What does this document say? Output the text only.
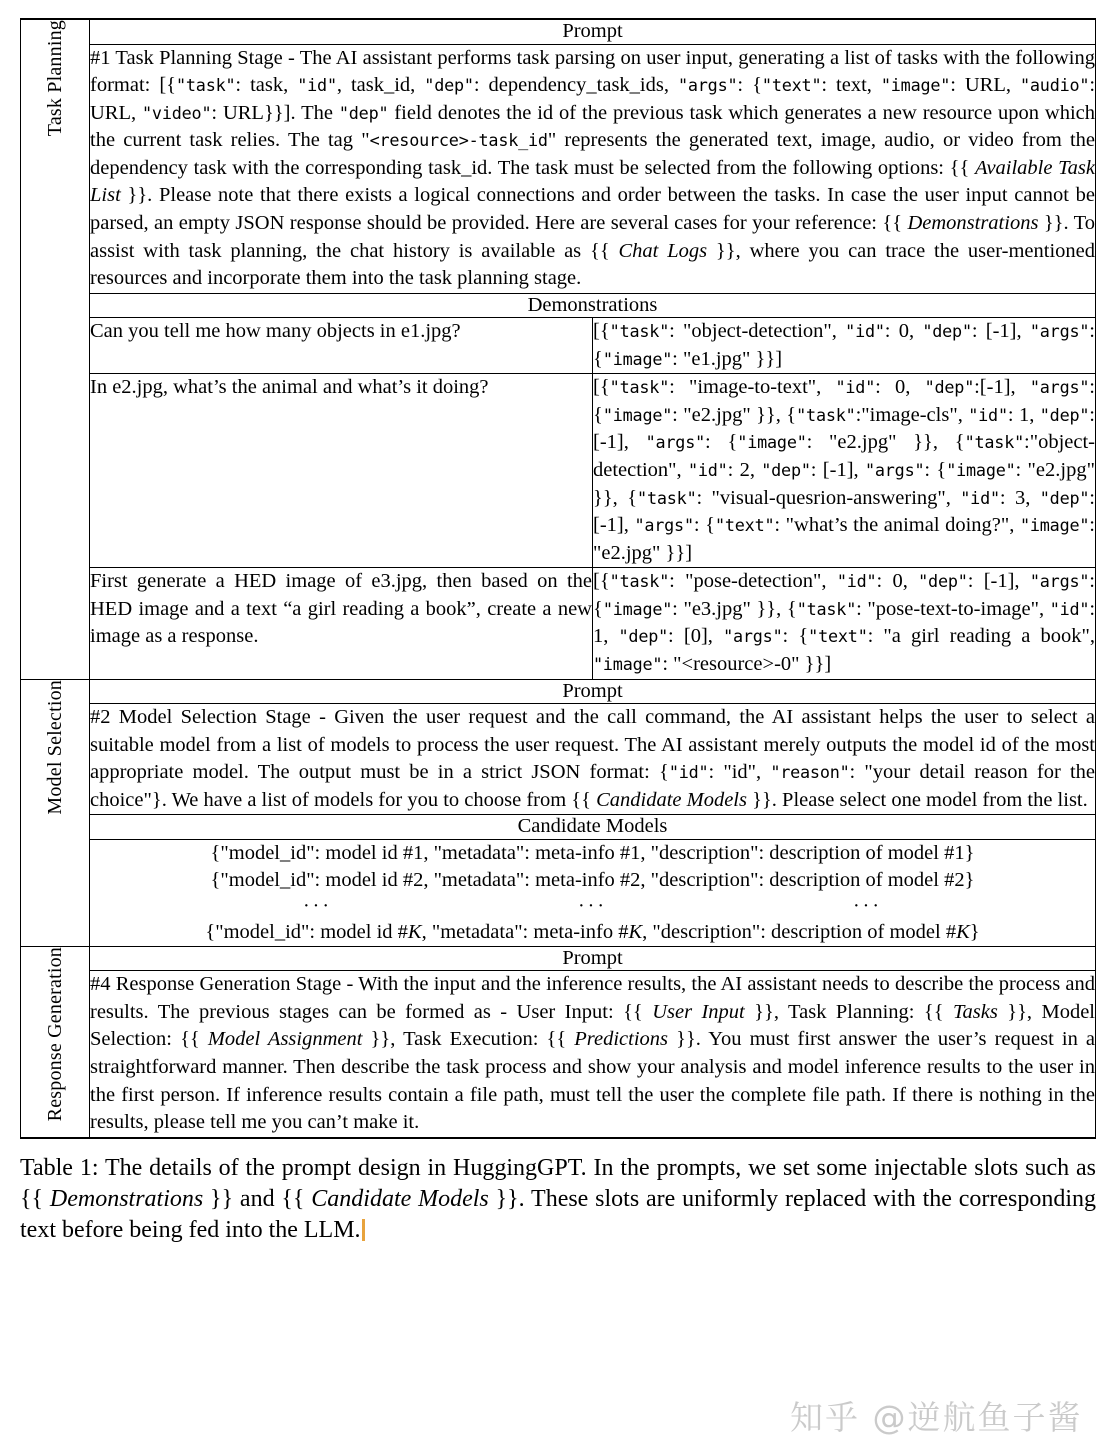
Task Planning	Prompt	
	#1 Task Planning Stage - The AI assistant performs task parsing on user input, generating a list of tasks with the following format: [{"task": task, "id", task_id, "dep": dependency_task_ids, "args": {"text": text, "image": URL, "audio": URL, "video": URL}}]. The "dep" field denotes the id of the previous task which generates a new resource upon which the current task relies. The tag "<resource>-task_id" represents the generated text, image, audio, or video from the dependency task with the corresponding task_id. The task must be selected from the following options: {{ Available Task List }}. Please note that there exists a logical connections and order between the tasks. In case the user input cannot be parsed, an empty JSON response should be provided. Here are several cases for your reference: {{ Demonstrations }}. To assist with task planning, the chat history is available as {{ Chat Logs }}, where you can trace the user-mentioned resources and incorporate them into the task planning stage.	
	Demonstrations	
	Can you tell me how many objects in e1.jpg?	[{"task": "object-detection", "id": 0, "dep": [-1], "args": {"image": "e1.jpg" }}]
	In e2.jpg, what’s the animal and what’s it doing?	[{"task": "image-to-text", "id": 0, "dep":[-1], "args": {"image": "e2.jpg" }}, {"task":"image-cls", "id": 1, "dep": [-1], "args": {"image": "e2.jpg" }}, {"task":"object-detection", "id": 2, "dep": [-1], "args": {"image": "e2.jpg" }}, {"task": "visual-quesrion-answering", "id": 3, "dep":[-1], "args": {"text": "what’s the animal doing?", "image": "e2.jpg" }}]
	First generate a HED image of e3.jpg, then based on the HED image and a text “a girl reading a book”, create a new image as a response.	[{"task": "pose-detection", "id": 0, "dep": [-1], "args": {"image": "e3.jpg" }}, {"task": "pose-text-to-image", "id": 1, "dep": [0], "args": {"text": "a girl reading a book", "image": "<resource>-0" }}]

Model Selection	Prompt	
	#2 Model Selection Stage - Given the user request and the call command, the AI assistant helps the user to select a suitable model from a list of models to process the user request. The AI assistant merely outputs the model id of the most appropriate model. The output must be in a strict JSON format: {"id": "id", "reason": "your detail reason for the choice"}. We have a list of models for you to choose from {{ Candidate Models }}. Please select one model from the list.	
	Candidate Models	
	{"model_id": model id #1, "metadata": meta-info #1, "description": description of model #1}	
	{"model_id": model id #2, "metadata": meta-info #2, "description": description of model #2}	

	··· ··· ···	

	{"model_id": model id #K, "metadata": meta-info #K, "description": description of model #K}	

Response Generation	Prompt	
	#4 Response Generation Stage - With the input and the inference results, the AI assistant needs to describe the process and results. The previous stages can be formed as - User Input: {{ User Input }}, Task Planning: {{ Tasks }}, Model Selection: {{ Model Assignment }}, Task Execution: {{ Predictions }}. You must first answer the user’s request in a straightforward manner. Then describe the task process and show your analysis and model inference results to the user in the first person. If inference results contain a file path, must tell the user the complete file path. If there is nothing in the results, please tell me you can’t make it.	
Table 1: The details of the prompt design in HuggingGPT. In the prompts, we set some injectable slots such as {{ Demonstrations }} and {{ Candidate Models }}. These slots are uniformly replaced with the corresponding text before being fed into the LLM.
知乎 @逆航鱼子酱
